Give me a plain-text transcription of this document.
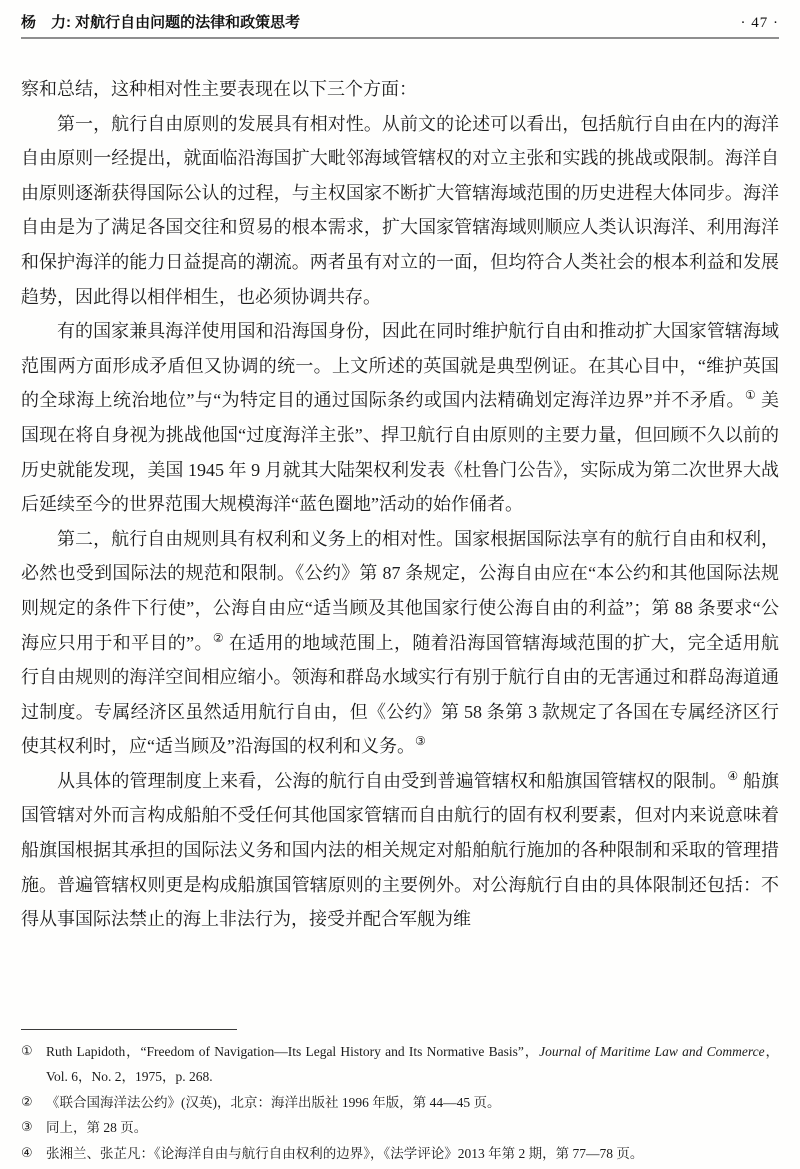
杨　力: 对航行自由问题的法律和政策思考	· 47 ·

察和总结，这种相对性主要表现在以下三个方面：

第一，航行自由原则的发展具有相对性。从前文的论述可以看出，包括航行自由在内的海洋自由原则一经提出，就面临沿海国扩大毗邻海域管辖权的对立主张和实践的挑战或限制。海洋自由原则逐渐获得国际公认的过程，与主权国家不断扩大管辖海域范围的历史进程大体同步。海洋自由是为了满足各国交往和贸易的根本需求，扩大国家管辖海域则顺应人类认识海洋、利用海洋和保护海洋的能力日益提高的潮流。两者虽有对立的一面，但均符合人类社会的根本利益和发展趋势，因此得以相伴相生，也必须协调共存。

有的国家兼具海洋使用国和沿海国身份，因此在同时维护航行自由和推动扩大国家管辖海域范围两方面形成矛盾但又协调的统一。上文所述的英国就是典型例证。在其心目中，“维护英国的全球海上统治地位”与“为特定目的通过国际条约或国内法精确划定海洋边界”并不矛盾。① 美国现在将自身视为挑战他国“过度海洋主张”、捍卫航行自由原则的主要力量，但回顾不久以前的历史就能发现，美国 1945 年 9 月就其大陆架权利发表《杜鲁门公告》，实际成为第二次世界大战后延续至今的世界范围大规模海洋“蓝色圈地”活动的始作俑者。

第二，航行自由规则具有权利和义务上的相对性。国家根据国际法享有的航行自由和权利，必然也受到国际法的规范和限制。《公约》第 87 条规定，公海自由应在“本公约和其他国际法规则规定的条件下行使”，公海自由应“适当顾及其他国家行使公海自由的利益”；第 88 条要求“公海应只用于和平目的”。② 在适用的地域范围上，随着沿海国管辖海域范围的扩大，完全适用航行自由规则的海洋空间相应缩小。领海和群岛水域实行有别于航行自由的无害通过和群岛海道通过制度。专属经济区虽然适用航行自由，但《公约》第 58 条第 3 款规定了各国在专属经济区行使其权利时，应“适当顾及”沿海国的权利和义务。③

从具体的管理制度上来看，公海的航行自由受到普遍管辖权和船旗国管辖权的限制。④ 船旗国管辖对外而言构成船舶不受任何其他国家管辖而自由航行的固有权利要素，但对内来说意味着船旗国根据其承担的国际法义务和国内法的相关规定对船舶航行施加的各种限制和采取的管理措施。普遍管辖权则更是构成船旗国管辖原则的主要例外。对公海航行自由的具体限制还包括：不得从事国际法禁止的海上非法行为，接受并配合军舰为维

① Ruth Lapidoth，“Freedom of Navigation—Its Legal History and Its Normative Basis”，Journal of Maritime Law and Commerce，Vol. 6，No. 2，1975，p. 268.
② 《联合国海洋法公约》(汉英)，北京：海洋出版社 1996 年版，第 44—45 页。
③ 同上，第 28 页。
④ 张湘兰、张芷凡：《论海洋自由与航行自由权利的边界》，《法学评论》2013 年第 2 期，第 77—78 页。
